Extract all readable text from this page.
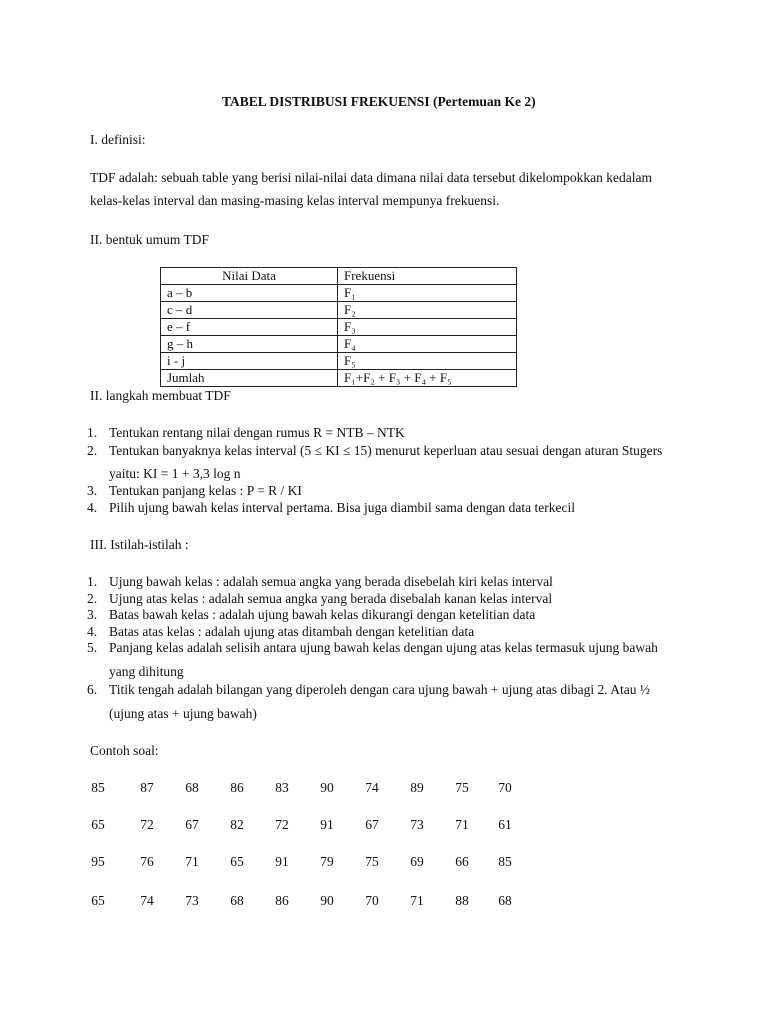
TABEL DISTRIBUSI FREKUENSI (Pertemuan Ke 2)
I. definisi:
TDF adalah: sebuah table yang berisi nilai-nilai data dimana nilai data tersebut dikelompokkan kedalam
kelas-kelas interval dan masing-masing kelas interval mempunya frekuensi.
II. bentuk umum TDF
Nilai Data	Frekuensi
a – b	F₁
c – d	F₂
e – f	F₃
g – h	F₄
i - j	F₅
Jumlah	F₁+F₂ + F₃ + F₄ + F₅
II. langkah membuat TDF
1. Tentukan rentang nilai dengan rumus R = NTB – NTK
2. Tentukan banyaknya kelas interval (5 ≤ KI ≤ 15) menurut keperluan atau sesuai dengan aturan Stugers
yaitu: KI = 1 + 3,3 log n
3. Tentukan panjang kelas : P = R / KI
4. Pilih ujung bawah kelas interval pertama. Bisa juga diambil sama dengan data terkecil
III. Istilah-istilah :
1. Ujung bawah kelas : adalah semua angka yang berada disebelah kiri kelas interval
2. Ujung atas kelas : adalah semua angka yang berada disebalah kanan kelas interval
3. Batas bawah kelas : adalah ujung bawah kelas dikurangi dengan ketelitian data
4. Batas atas kelas : adalah ujung atas ditambah dengan ketelitian data
5. Panjang kelas adalah selisih antara ujung bawah kelas dengan ujung atas kelas termasuk ujung bawah
yang dihitung
6. Titik tengah adalah bilangan yang diperoleh dengan cara ujung bawah + ujung atas dibagi 2. Atau ½
(ujung atas + ujung bawah)
Contoh soal:
85	87	68	86	83	90	74	89	75	70
65	72	67	82	72	91	67	73	71	61
95	76	71	65	91	79	75	69	66	85
65	74	73	68	86	90	70	71	88	68
